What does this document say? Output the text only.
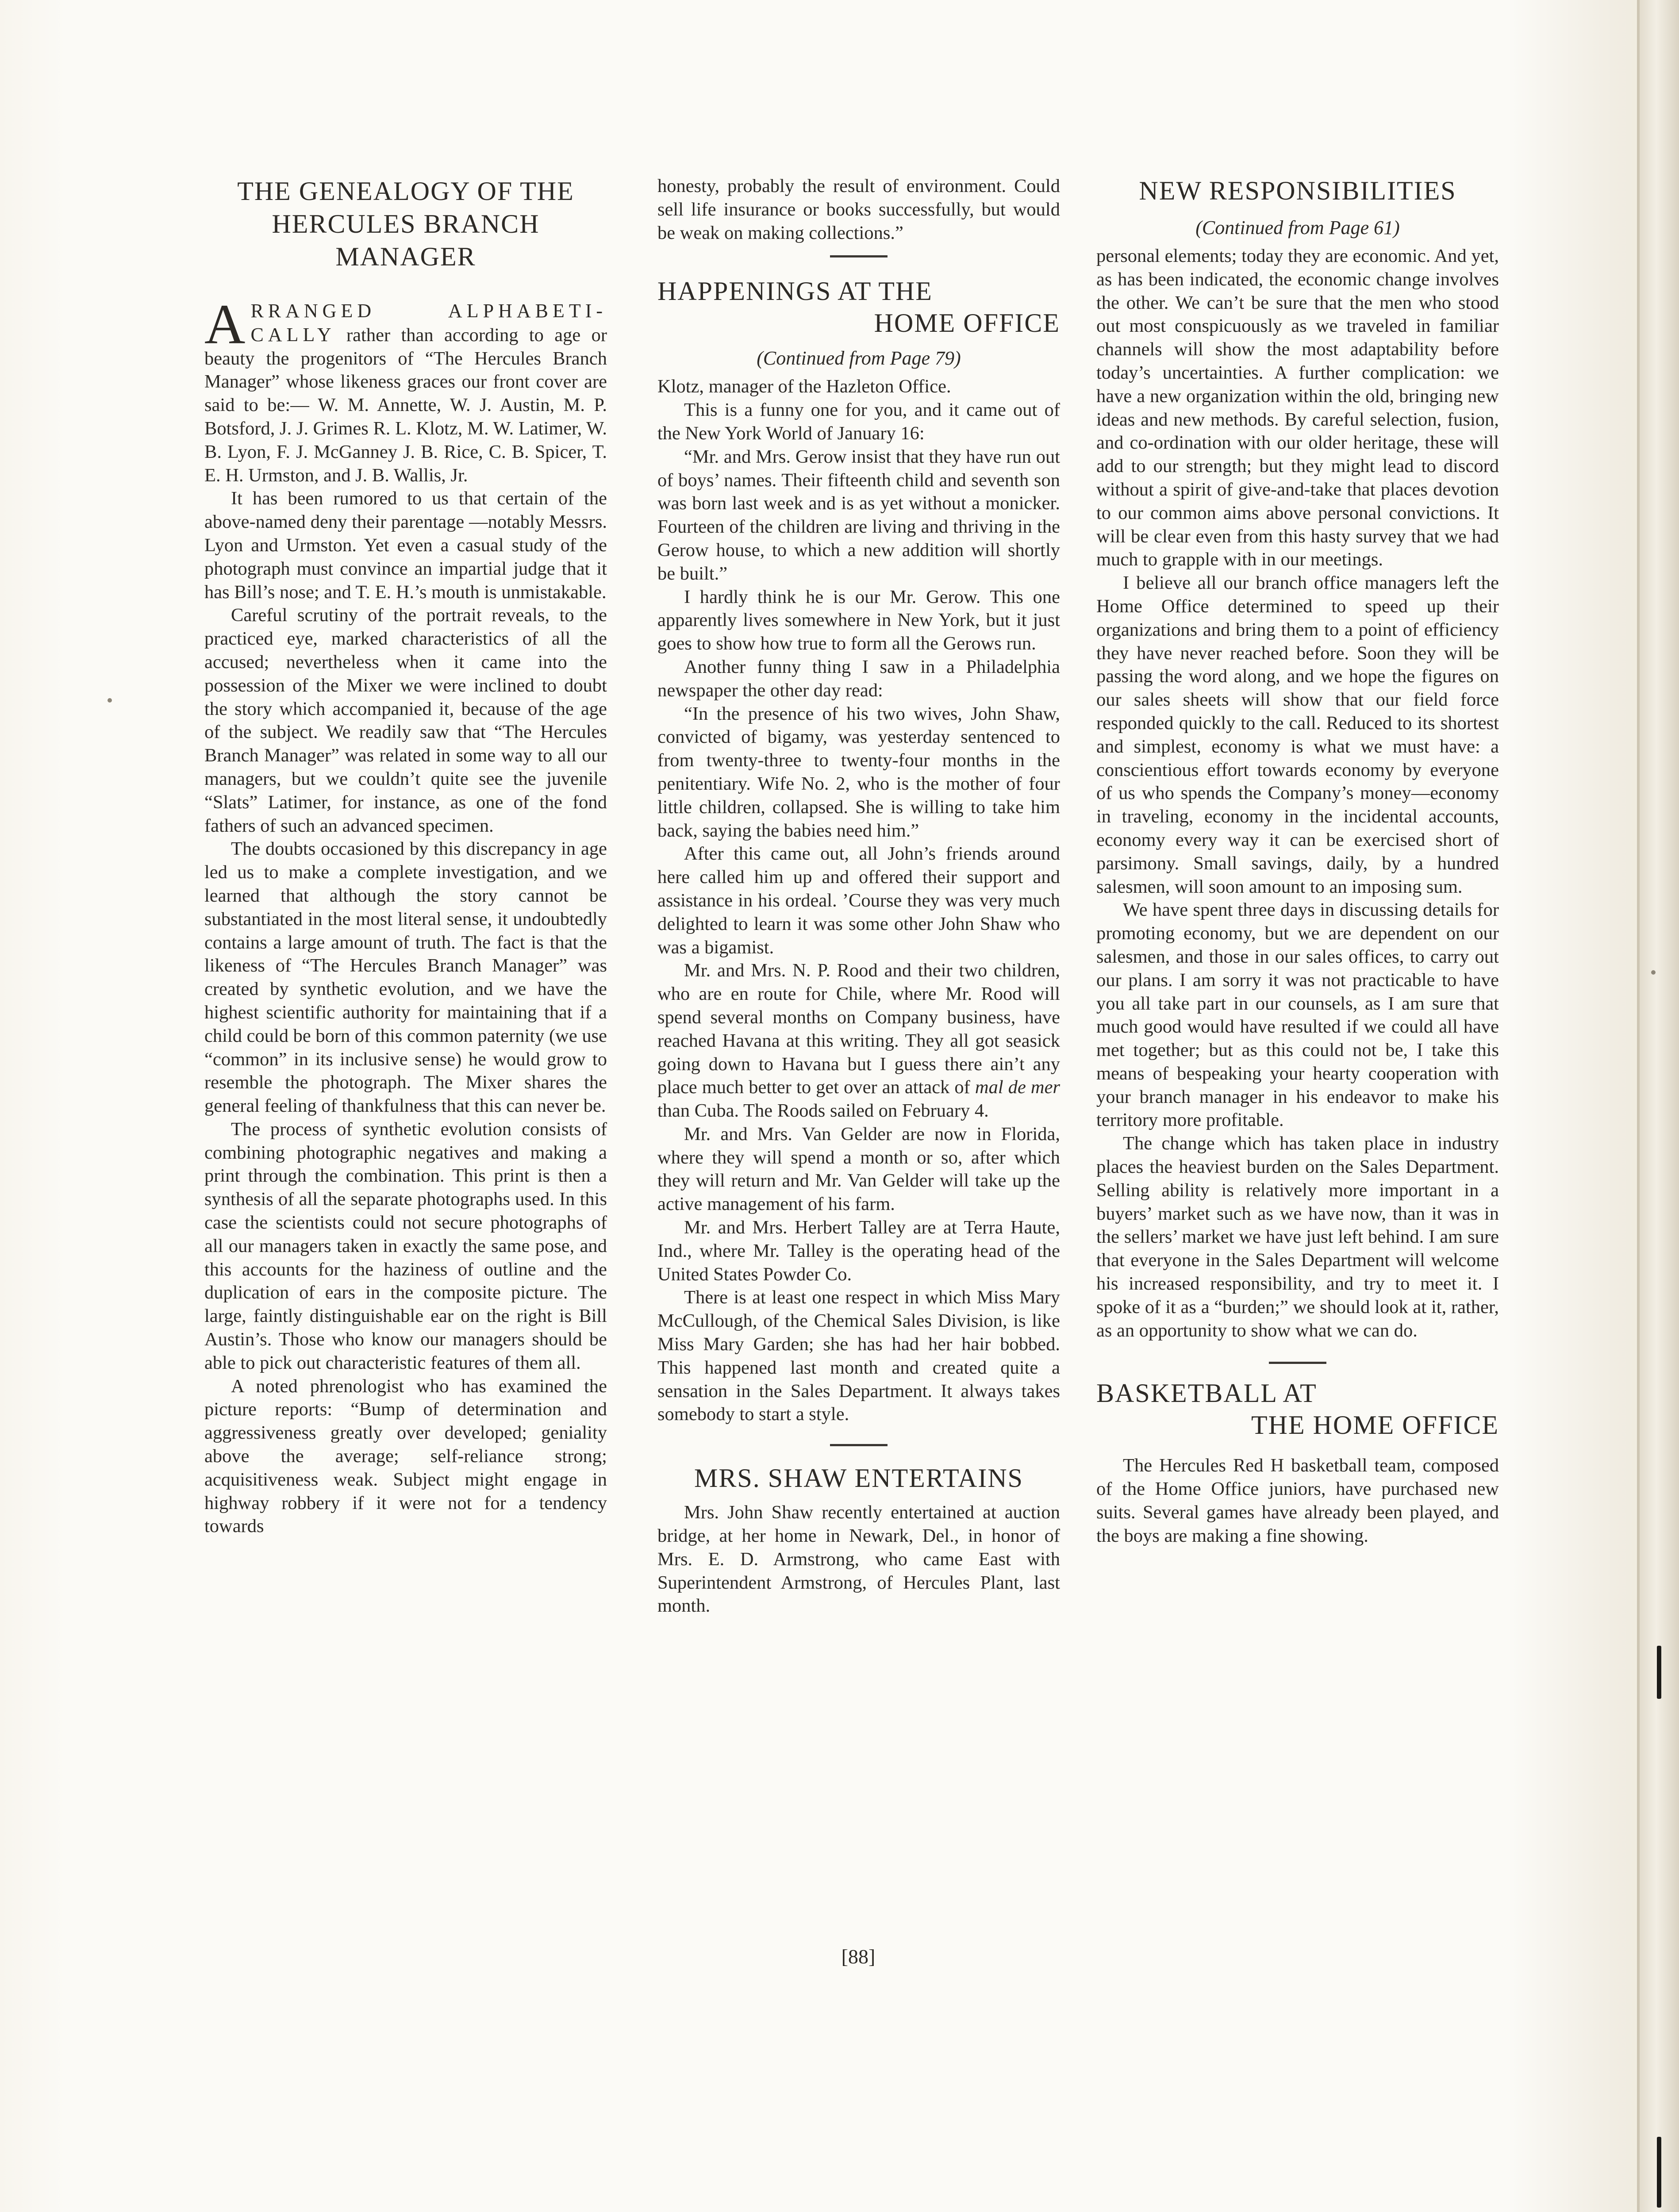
THE GENEALOGY OF THE HERCULES BRANCH MANAGER

ARRANGED ALPHABETI-CALLY rather than according to age or beauty the progenitors of “The Hercules Branch Manager” whose likeness graces our front cover are said to be:— W. M. Annette, W. J. Austin, M. P. Botsford, J. J. Grimes R. L. Klotz, M. W. Latimer, W. B. Lyon, F. J. McGanney J. B. Rice, C. B. Spicer, T. E. H. Urmston, and J. B. Wallis, Jr.

It has been rumored to us that certain of the above-named deny their parentage —notably Messrs. Lyon and Urmston. Yet even a casual study of the photograph must convince an impartial judge that it has Bill’s nose; and T. E. H.’s mouth is unmistakable.

Careful scrutiny of the portrait reveals, to the practiced eye, marked characteristics of all the accused; nevertheless when it came into the possession of the Mixer we were inclined to doubt the story which accompanied it, because of the age of the subject. We readily saw that “The Hercules Branch Manager” was related in some way to all our managers, but we couldn’t quite see the juvenile “Slats” Latimer, for instance, as one of the fond fathers of such an advanced specimen.

The doubts occasioned by this discrepancy in age led us to make a complete investigation, and we learned that although the story cannot be substantiated in the most literal sense, it undoubtedly contains a large amount of truth. The fact is that the likeness of “The Hercules Branch Manager” was created by synthetic evolution, and we have the highest scientific authority for maintaining that if a child could be born of this common paternity (we use “common” in its inclusive sense) he would grow to resemble the photograph. The Mixer shares the general feeling of thankfulness that this can never be.

The process of synthetic evolution consists of combining photographic negatives and making a print through the combination. This print is then a synthesis of all the separate photographs used. In this case the scientists could not secure photographs of all our managers taken in exactly the same pose, and this accounts for the haziness of outline and the duplication of ears in the composite picture. The large, faintly distinguishable ear on the right is Bill Austin’s. Those who know our managers should be able to pick out characteristic features of them all.

A noted phrenologist who has examined the picture reports: “Bump of determination and aggressiveness greatly over developed; geniality above the average; self-reliance strong; acquisitiveness weak. Subject might engage in highway robbery if it were not for a tendency towards

honesty, probably the result of environment. Could sell life insurance or books successfully, but would be weak on making collections.”

HAPPENINGS AT THE
HOME OFFICE
(Continued from Page 79)

Klotz, manager of the Hazleton Office.

This is a funny one for you, and it came out of the New York World of January 16:

“Mr. and Mrs. Gerow insist that they have run out of boys’ names. Their fifteenth child and seventh son was born last week and is as yet without a monicker. Fourteen of the children are living and thriving in the Gerow house, to which a new addition will shortly be built.”

I hardly think he is our Mr. Gerow. This one apparently lives somewhere in New York, but it just goes to show how true to form all the Gerows run.

Another funny thing I saw in a Philadelphia newspaper the other day read:

“In the presence of his two wives, John Shaw, convicted of bigamy, was yesterday sentenced to from twenty-three to twenty-four months in the penitentiary. Wife No. 2, who is the mother of four little children, collapsed. She is willing to take him back, saying the babies need him.”

After this came out, all John’s friends around here called him up and offered their support and assistance in his ordeal. ’Course they was very much delighted to learn it was some other John Shaw who was a bigamist.

Mr. and Mrs. N. P. Rood and their two children, who are en route for Chile, where Mr. Rood will spend several months on Company business, have reached Havana at this writing. They all got seasick going down to Havana but I guess there ain’t any place much better to get over an attack of mal de mer than Cuba. The Roods sailed on February 4.

Mr. and Mrs. Van Gelder are now in Florida, where they will spend a month or so, after which they will return and Mr. Van Gelder will take up the active management of his farm.

Mr. and Mrs. Herbert Talley are at Terra Haute, Ind., where Mr. Talley is the operating head of the United States Powder Co.

There is at least one respect in which Miss Mary McCullough, of the Chemical Sales Division, is like Miss Mary Garden; she has had her hair bobbed. This happened last month and created quite a sensation in the Sales Department. It always takes somebody to start a style.

MRS. SHAW ENTERTAINS

Mrs. John Shaw recently entertained at auction bridge, at her home in Newark, Del., in honor of Mrs. E. D. Armstrong, who came East with Superintendent Armstrong, of Hercules Plant, last month.

NEW RESPONSIBILITIES
(Continued from Page 61)

personal elements; today they are economic. And yet, as has been indicated, the economic change involves the other. We can’t be sure that the men who stood out most conspicuously as we traveled in familiar channels will show the most adaptability before today’s uncertainties. A further complication: we have a new organization within the old, bringing new ideas and new methods. By careful selection, fusion, and co-ordination with our older heritage, these will add to our strength; but they might lead to discord without a spirit of give-and-take that places devotion to our common aims above personal convictions. It will be clear even from this hasty survey that we had much to grapple with in our meetings.

I believe all our branch office managers left the Home Office determined to speed up their organizations and bring them to a point of efficiency they have never reached before. Soon they will be passing the word along, and we hope the figures on our sales sheets will show that our field force responded quickly to the call. Reduced to its shortest and simplest, economy is what we must have: a conscientious effort towards economy by everyone of us who spends the Company’s money—economy in traveling, economy in the incidental accounts, economy every way it can be exercised short of parsimony. Small savings, daily, by a hundred salesmen, will soon amount to an imposing sum.

We have spent three days in discussing details for promoting economy, but we are dependent on our salesmen, and those in our sales offices, to carry out our plans. I am sorry it was not practicable to have you all take part in our counsels, as I am sure that much good would have resulted if we could all have met together; but as this could not be, I take this means of bespeaking your hearty cooperation with your branch manager in his endeavor to make his territory more profitable.

The change which has taken place in industry places the heaviest burden on the Sales Department. Selling ability is relatively more important in a buyers’ market such as we have now, than it was in the sellers’ market we have just left behind. I am sure that everyone in the Sales Department will welcome his increased responsibility, and try to meet it. I spoke of it as a “burden;” we should look at it, rather, as an opportunity to show what we can do.

BASKETBALL AT
THE HOME OFFICE

The Hercules Red H basketball team, composed of the Home Office juniors, have purchased new suits. Several games have already been played, and the boys are making a fine showing.

[88]
